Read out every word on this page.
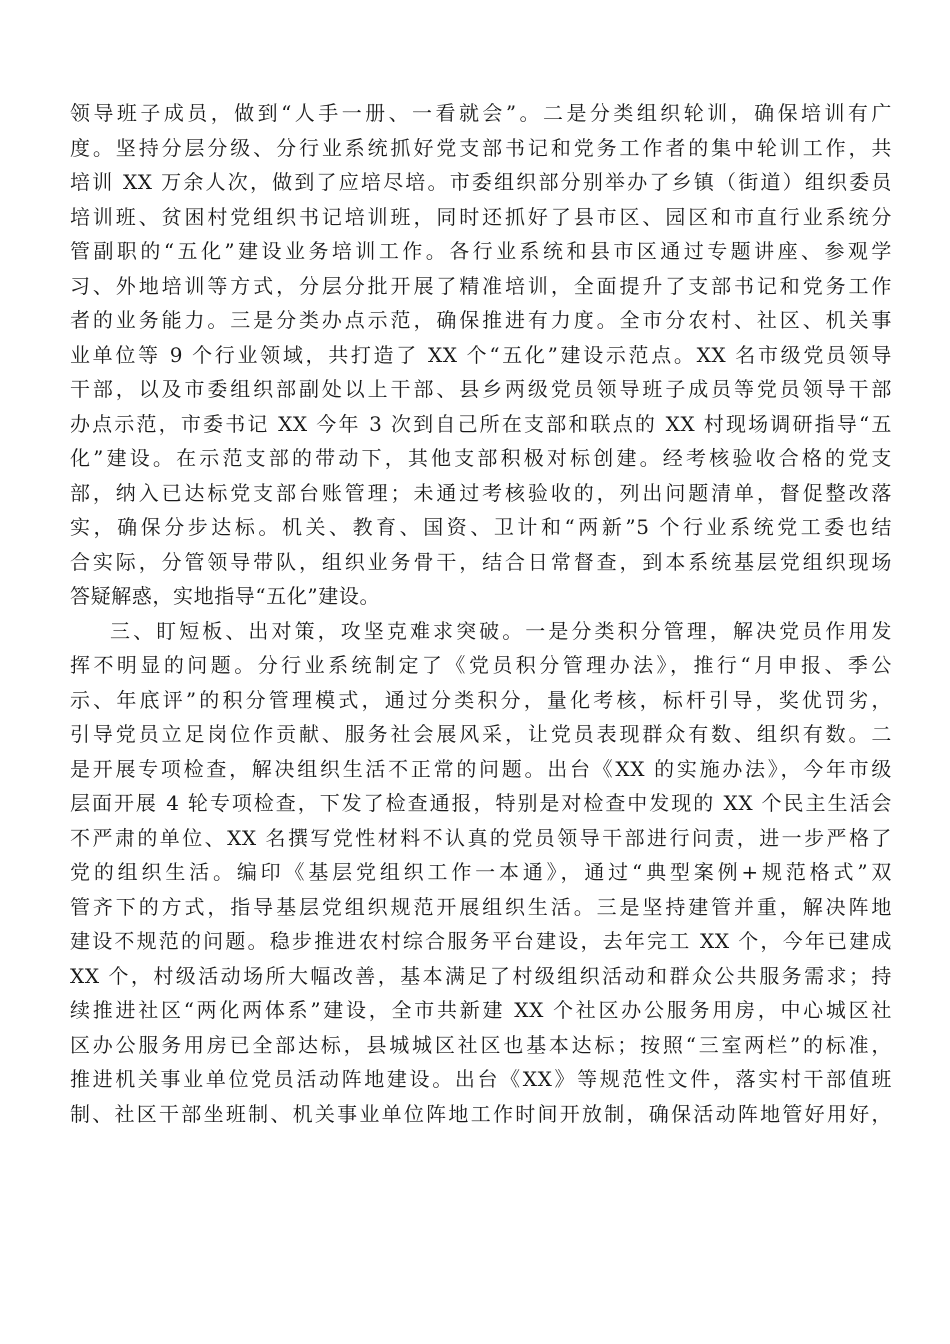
领导班子成员，做到“人手一册、一看就会”。二是分类组织轮训，确保培训有广
度。坚持分层分级、分行业系统抓好党支部书记和党务工作者的集中轮训工作，共
培训 XX 万余人次，做到了应培尽培。市委组织部分别举办了乡镇（街道）组织委员
培训班、贫困村党组织书记培训班，同时还抓好了县市区、园区和市直行业系统分
管副职的“五化”建设业务培训工作。各行业系统和县市区通过专题讲座、参观学
习、外地培训等方式，分层分批开展了精准培训，全面提升了支部书记和党务工作
者的业务能力。三是分类办点示范，确保推进有力度。全市分农村、社区、机关事
业单位等 9 个行业领域，共打造了 XX 个“五化”建设示范点。XX 名市级党员领导
干部，以及市委组织部副处以上干部、县乡两级党员领导班子成员等党员领导干部
办点示范，市委书记 XX 今年 3 次到自己所在支部和联点的 XX 村现场调研指导“五
化”建设。在示范支部的带动下，其他支部积极对标创建。经考核验收合格的党支
部，纳入已达标党支部台账管理；未通过考核验收的，列出问题清单，督促整改落
实，确保分步达标。机关、教育、国资、卫计和“两新”5 个行业系统党工委也结
合实际，分管领导带队，组织业务骨干，结合日常督查，到本系统基层党组织现场
答疑解惑，实地指导“五化”建设。
三、盯短板、出对策，攻坚克难求突破。一是分类积分管理，解决党员作用发
挥不明显的问题。分行业系统制定了《党员积分管理办法》，推行“月申报、季公
示、年底评”的积分管理模式，通过分类积分，量化考核，标杆引导，奖优罚劣，
引导党员立足岗位作贡献、服务社会展风采，让党员表现群众有数、组织有数。二
是开展专项检查，解决组织生活不正常的问题。出台《XX 的实施办法》，今年市级
层面开展 4 轮专项检查，下发了检查通报，特别是对检查中发现的 XX 个民主生活会
不严肃的单位、XX 名撰写党性材料不认真的党员领导干部进行问责，进一步严格了
党的组织生活。编印《基层党组织工作一本通》，通过“典型案例+规范格式”双
管齐下的方式，指导基层党组织规范开展组织生活。三是坚持建管并重，解决阵地
建设不规范的问题。稳步推进农村综合服务平台建设，去年完工 XX 个，今年已建成
XX 个，村级活动场所大幅改善，基本满足了村级组织活动和群众公共服务需求；持
续推进社区“两化两体系”建设，全市共新建 XX 个社区办公服务用房，中心城区社
区办公服务用房已全部达标，县城城区社区也基本达标；按照“三室两栏”的标准，
推进机关事业单位党员活动阵地建设。出台《XX》等规范性文件，落实村干部值班
制、社区干部坐班制、机关事业单位阵地工作时间开放制，确保活动阵地管好用好，
